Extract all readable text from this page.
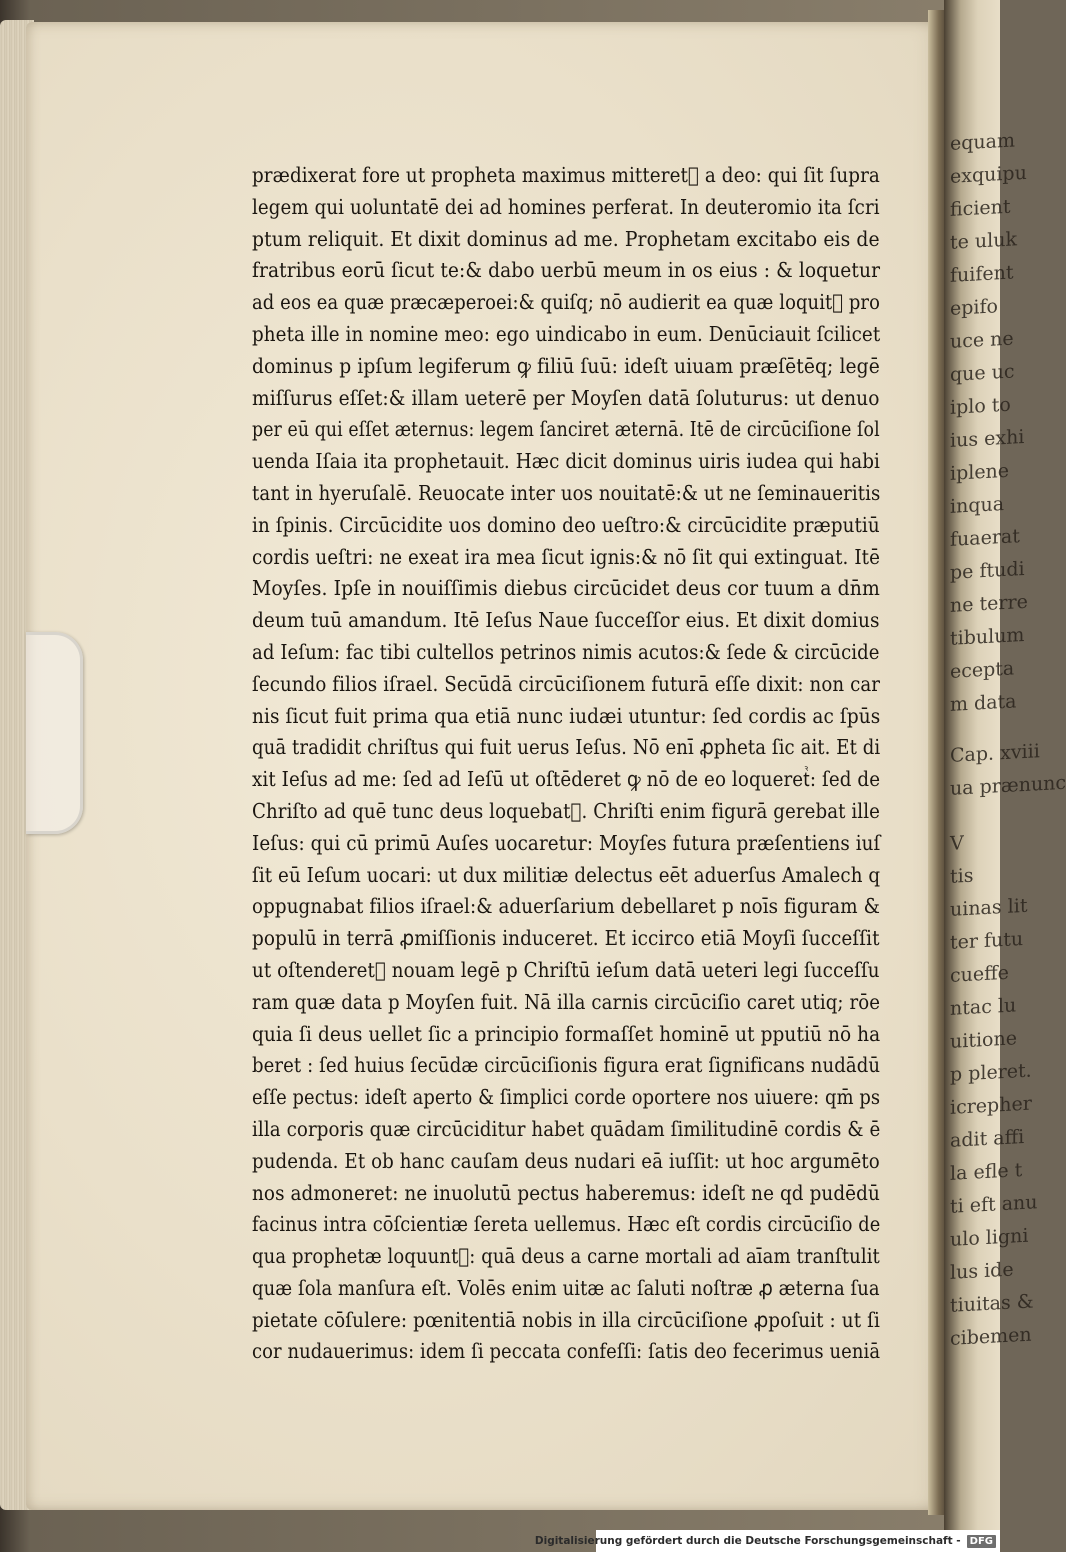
equam
exquipu
ficient
te uluk
fuifent
epifo
uce ne
que uc
iplo to
ius exhi
iplene
inqua
fuaerat
pe ftudi
ne terre
tibulum
ecepta
m data
Cap. xviii
ua prænunc
V
tis
uinas lit
ter futu
cueffe
ntac lu
uitione
p pleret.
icrepher
adit affi
la efle t
ti eft anu
ulo ligni
lus ide
tiuitas &
cibemen
prædixerat fore ut propheta maximus mitteretᷣ a deo: qui ſit ſupra
legem qui uoluntatē dei ad homines perferat. In deuteromio ita ſcri
ptum reliquit. Et dixit dominus ad me. Prophetam excitabo eis de
fratribus eorū ſicut te:& dabo uerbū meum in os eius : & loquetur
ad eos ea quæ præcæperoei:& quiſq; nō audierit ea quæ loquitᷣ pro
pheta ille in nomine meo: ego uindicabo in eum. Denūciauit ſcilicet
dominus p ipſum legiferum ꝙ filiū ſuū: ideſt uiuam præſētēq; legē
miſſurus eſſet:& illam ueterē per Moyſen datā ſoluturus: ut denuo
per eū qui eſſet æternus: legem ſanciret æternā. Itē de circūciſione ſol
uenda Iſaia ita prophetauit. Hæc dicit dominus uiris iudea qui habi
tant in hyeruſalē. Reuocate inter uos nouitatē:& ut ne ſeminaueritis
in ſpinis. Circūcidite uos domino deo ueſtro:& circūcidite præputiū
cordis ueſtri: ne exeat ira mea ſicut ignis:& nō ſit qui extinguat. Itē
Moyſes. Ipſe in nouiſſimis diebus circūcidet deus cor tuum a dn̄m
deum tuū amandum. Itē Ieſus Naue ſucceſſor eius. Et dixit domius
ad Ieſum: fac tibi cultellos petrinos nimis acutos:& ſede & circūcide
ſecundo filios iſrael. Secūdā circūciſionem futurā eſſe dixit: non car
nis ſicut fuit prima qua etiā nunc iudæi utuntur: ſed cordis ac ſpūs
quā tradidit chriſtus qui fuit uerus Ieſus. Nō enī ꝓpheta ſic ait. Et di
xit Ieſus ad me: ſed ad Ieſū ut oſtēderet ꝙ nō de eo loqueretᷣ: ſed de
Chriſto ad quē tunc deus loquebatᷣ. Chriſti enim figurā gerebat ille
Ieſus: qui cū primū Auſes uocaretur: Moyſes futura præſentiens iuſ
ſit eū Ieſum uocari: ut dux militiæ delectus eēt aduerſus Amalech q
oppugnabat filios iſrael:& aduerſarium debellaret p noīs figuram &
populū in terrā ꝓmiſſionis induceret. Et iccirco etiā Moyſi ſucceſſit
ut oſtenderetᷣ nouam legē p Chriſtū ieſum datā ueteri legi ſucceſſu
ram quæ data p Moyſen fuit. Nā illa carnis circūciſio caret utiq; rōe
quia ſi deus uellet ſic a principio formaſſet hominē ut pputiū nō ha
beret : ſed huius ſecūdæ circūciſionis figura erat ſignificans nudādū
eſſe pectus: ideſt aperto & ſimplici corde oportere nos uiuere: qm̄ ps
illa corporis quæ circūciditur habet quādam ſimilitudinē cordis & ē
pudenda. Et ob hanc cauſam deus nudari eā iuſſit: ut hoc argumēto
nos admoneret: ne inuolutū pectus haberemus: ideſt ne qd pudēdū
facinus intra cōſcientiæ ſereta uellemus. Hæc eſt cordis circūciſio de
qua prophetæ loquuntᷣ: quā deus a carne mortali ad aīam tranſtulit
quæ ſola manſura eſt. Volēs enim uitæ ac ſaluti noſtræ ꝓ æterna ſua
pietate cōſulere: pœnitentiā nobis in illa circūciſione ꝓpoſuit : ut ſi
cor nudauerimus: idem ſi peccata confeſſi: ſatis deo fecerimus ueniā
Digitalisierung gefördert durch die Deutsche Forschungsgemeinschaft - DFG
